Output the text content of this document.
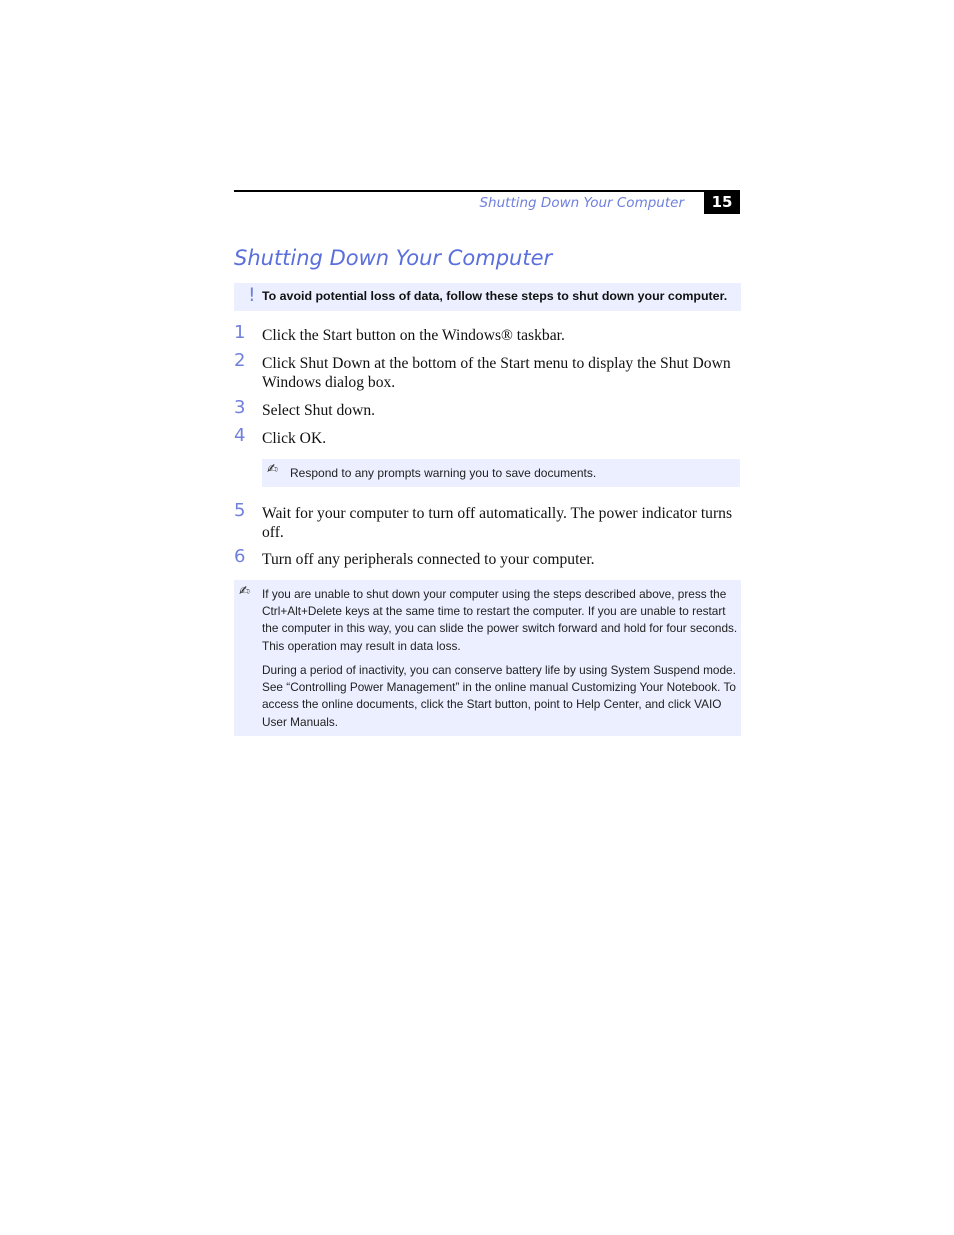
Shutting Down Your Computer	15
Shutting Down Your Computer
! To avoid potential loss of data, follow these steps to shut down your computer.
1 Click the Start button on the Windows® taskbar.
2 Click Shut Down at the bottom of the Start menu to display the Shut Down Windows dialog box.
3 Select Shut down.
4 Click OK.
✍ Respond to any prompts warning you to save documents.
5 Wait for your computer to turn off automatically. The power indicator turns off.
6 Turn off any peripherals connected to your computer.
✍ If you are unable to shut down your computer using the steps described above, press the Ctrl+Alt+Delete keys at the same time to restart the computer. If you are unable to restart the computer in this way, you can slide the power switch forward and hold for four seconds. This operation may result in data loss.

During a period of inactivity, you can conserve battery life by using System Suspend mode. See “Controlling Power Management” in the online manual Customizing Your Notebook. To access the online documents, click the Start button, point to Help Center, and click VAIO User Manuals.
